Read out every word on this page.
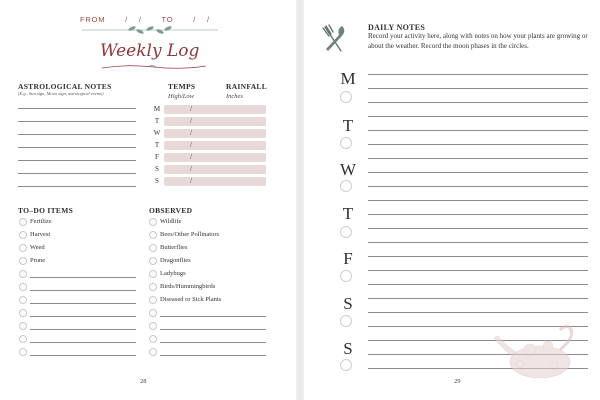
FROM	/ /	TO	/ /
Weekly Log
ASTROLOGICAL NOTES
(E.g., Sun sign, Moon sign, astrological events)
TEMPS	RAINFALL
High/Low	Inches
M	/
T	/
W	/
T	/
F	/
S	/
S	/
TO–DO ITEMS
Fertilize
Harvest
Weed
Prune
OBSERVED
Wildlife
Bees/Other Pollinators
Butterflies
Dragonflies
Ladybugs
Birds/Hummingbirds
Diseased or Sick Plants
28
DAILY NOTES
Record your activity here, along with notes on how your plants are growing or about the weather. Record the moon phases in the circles.
M
T
W
T
F
S
S
29
